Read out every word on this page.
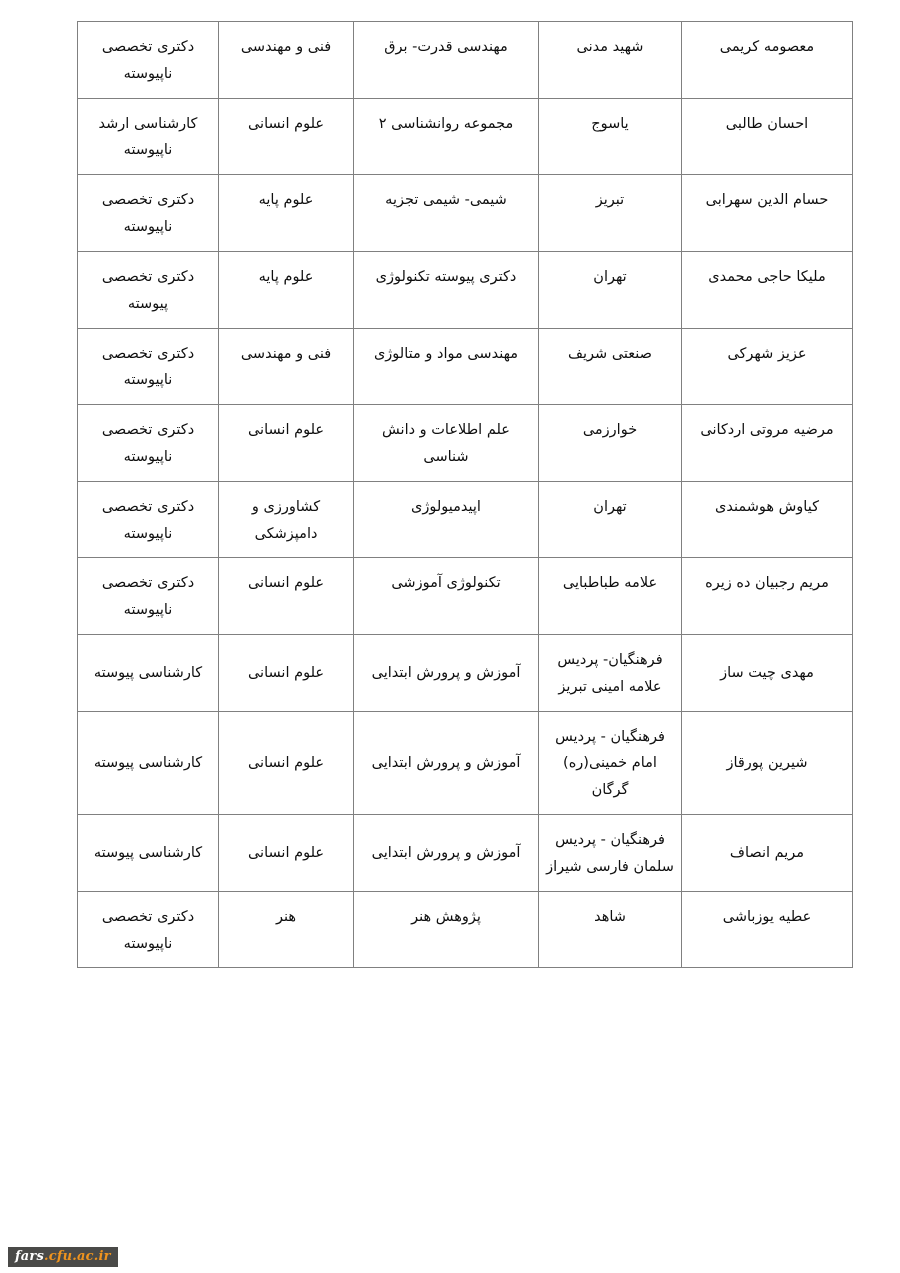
معصومه کریمی	شهید مدنی	مهندسی قدرت- برق	فنی و مهندسی	دکتری تخصصی ناپیوسته
احسان طالبی	یاسوج	مجموعه روانشناسی ۲	علوم انسانی	کارشناسی ارشد ناپیوسته
حسام الدین سهرابی	تبریز	شیمی- شیمی تجزیه	علوم پایه	دکتری تخصصی ناپیوسته
ملیکا حاجی محمدی	تهران	دکتری پیوسته تکنولوژی	علوم پایه	دکتری تخصصی پیوسته
عزیز شهرکی	صنعتی شریف	مهندسی مواد و متالوژی	فنی و مهندسی	دکتری تخصصی ناپیوسته
مرضیه مروتی اردکانی	خوارزمی	علم اطلاعات و دانش شناسی	علوم انسانی	دکتری تخصصی ناپیوسته
کیاوش هوشمندی	تهران	اپیدمیولوژی	کشاورزی و دامپزشکی	دکتری تخصصی ناپیوسته
مریم رجبیان ده زیره	علامه طباطبایی	تکنولوژی آموزشی	علوم انسانی	دکتری تخصصی ناپیوسته
مهدی چیت ساز	فرهنگیان- پردیس علامه امینی تبریز	آموزش و پرورش ابتدایی	علوم انسانی	کارشناسی پیوسته
شیرین پورقاز	فرهنگیان - پردیس امام خمینی(ره) گرگان	آموزش و پرورش ابتدایی	علوم انسانی	کارشناسی پیوسته
مریم انصاف	فرهنگیان - پردیس سلمان فارسی شیراز	آموزش و پرورش ابتدایی	علوم انسانی	کارشناسی پیوسته
عطیه یوزباشی	شاهد	پژوهش هنر	هنر	دکتری تخصصی ناپیوسته
fars.cfu.ac.ir
